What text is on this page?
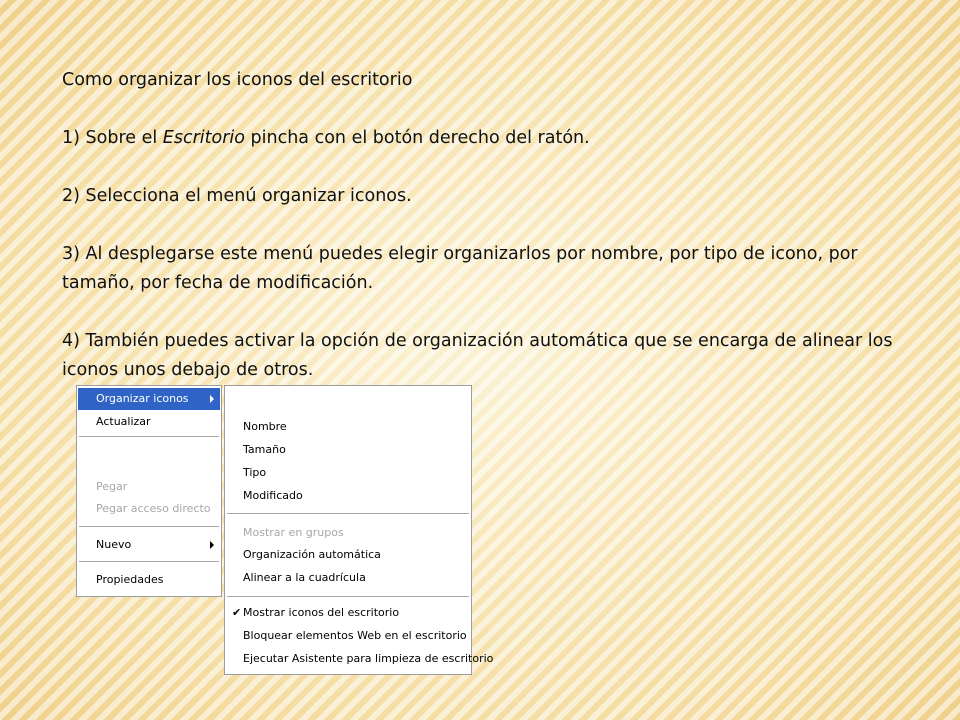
Como organizar los iconos del escritorio

1) Sobre el Escritorio pincha con el botón derecho del ratón.

2) Selecciona el menú organizar iconos.

3) Al desplegarse este menú puedes elegir organizarlos por nombre, por tipo de icono, por tamaño, por fecha de modificación.

4) También puedes activar la opción de organización automática que se encarga de alinear los iconos unos debajo de otros.

Organizar iconos
Actualizar
Pegar
Pegar acceso directo
Nuevo
Propiedades
Nombre
Tamaño
Tipo
Modificado
Mostrar en grupos
Organización automática
Alinear a la cuadrícula
✔ Mostrar iconos del escritorio
Bloquear elementos Web en el escritorio
Ejecutar Asistente para limpieza de escritorio
